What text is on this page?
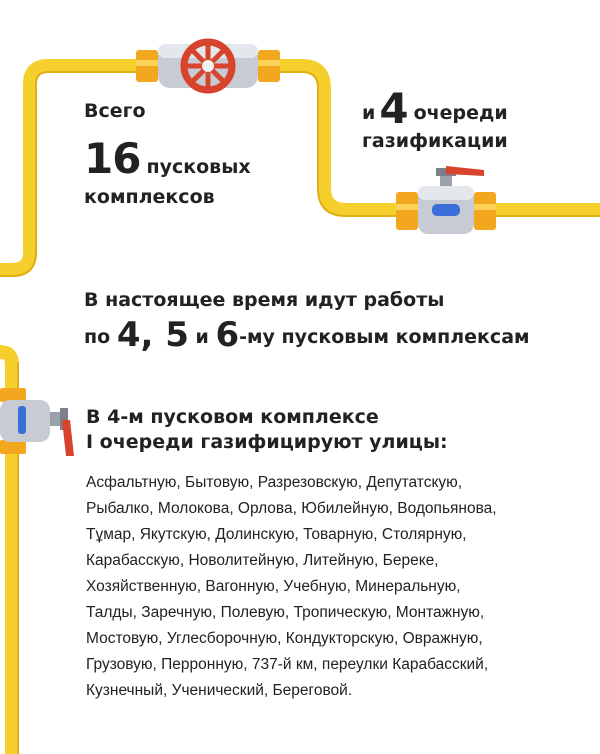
Всего

16 пусковых

комплексов

и4 очереди

газификации

В настоящее время идут работы

по 4, 5 и 6-му пусковым комплексам

В 4-м пусковом комплексе

I очереди газифицируют улицы:

Асфальтную, Бытовую, Разрезовскую, Депутатскую,
Рыбалко, Молокова, Орлова, Юбилейную, Водопьянова,
Тұмар, Якутскую, Долинскую, Товарную, Столярную,
Карабасскую, Новолитейную, Литейную, Береке,
Хозяйственную, Вагонную, Учебную, Минеральную,
Талды, Заречную, Полевую, Тропическую, Монтажную,
Мостовую, Углесборочную, Кондукторскую, Овражную,
Грузовую, Перронную, 737-й км, переулки Карабасский,
Кузнечный, Ученический, Береговой.
